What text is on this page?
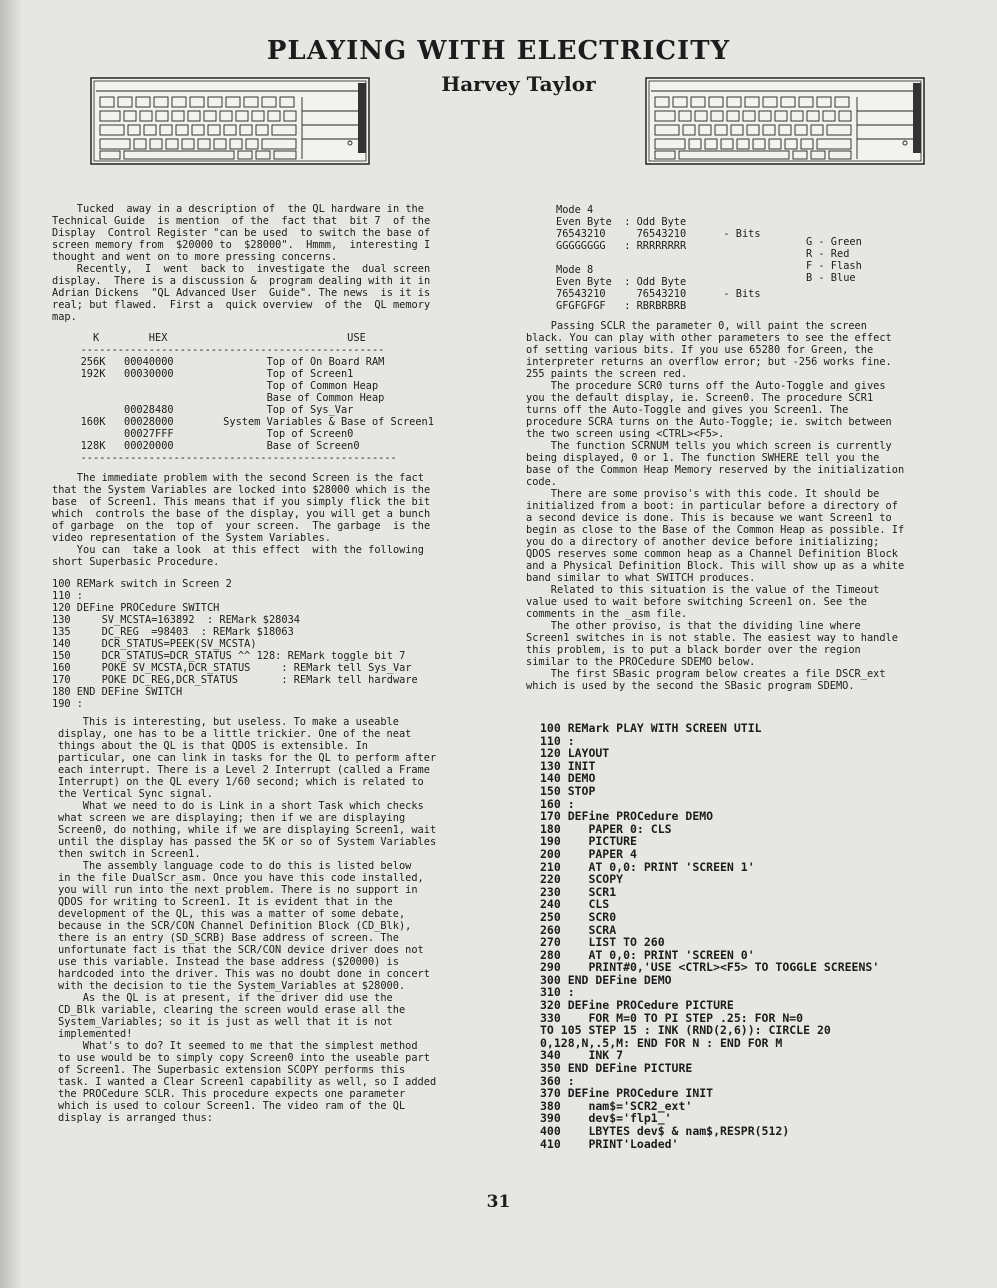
PLAYING WITH ELECTRICITY
Harvey Taylor
Tucked  away in a description of  the QL hardware in the
Technical Guide  is mention  of the  fact that  bit 7  of the
Display  Control Register "can be used  to switch the base of
screen memory from  $20000 to  $28000".  Hmmm,  interesting I
thought and went on to more pressing concerns.
Recently,  I  went  back to  investigate the  dual screen
display.  There is a discussion &  program dealing with it in
Adrian Dickens  "QL Advanced User  Guide". The news  is it is
real; but flawed.  First a  quick overview  of the  QL memory
map.
K        HEX                             USE
-------------------------------------------------
256K   00040000               Top of On Board RAM
192K   00030000               Top of Screen1
Top of Common Heap
Base of Common Heap
00028480               Top of Sys_Var
160K   00028000        System Variables & Base of Screen1
00027FFF               Top of Screen0
128K   00020000               Base of Screen0
---------------------------------------------------
The immediate problem with the second Screen is the fact
that the System Variables are locked into $28000 which is the
base  of Screen1. This means that if you simply flick the bit
which  controls the base of the display, you will get a bunch
of garbage  on the  top of  your screen.  The garbage  is the
video representation of the System Variables.
You can  take a look  at this effect  with the following
short Superbasic Procedure.
100 REMark switch in Screen 2
110 :
120 DEFine PROCedure SWITCH
130     SV_MCSTA=163892  : REMark $28034
135     DC_REG  =98403  : REMark $18063
140     DCR_STATUS=PEEK(SV_MCSTA)
150     DCR_STATUS=DCR_STATUS ^^ 128: REMark toggle bit 7
160     POKE SV_MCSTA,DCR_STATUS     : REMark tell Sys_Var
170     POKE DC_REG,DCR_STATUS       : REMark tell hardware
180 END DEFine SWITCH
190 :
This is interesting, but useless. To make a useable
display, one has to be a little trickier. One of the neat
things about the QL is that QDOS is extensible. In
particular, one can link in tasks for the QL to perform after
each interrupt. There is a Level 2 Interrupt (called a Frame
Interrupt) on the QL every 1/60 second; which is related to
the Vertical Sync signal.
What we need to do is Link in a short Task which checks
what screen we are displaying; then if we are displaying
Screen0, do nothing, while if we are displaying Screen1, wait
until the display has passed the 5K or so of System Variables
then switch in Screen1.
The assembly language code to do this is listed below
in the file DualScr_asm. Once you have this code installed,
you will run into the next problem. There is no support in
QDOS for writing to Screen1. It is evident that in the
development of the QL, this was a matter of some debate,
because in the SCR/CON Channel Definition Block (CD_Blk),
there is an entry (SD_SCRB) Base address of screen. The
unfortunate fact is that the SCR/CON device driver does not
use this variable. Instead the base address ($20000) is
hardcoded into the driver. This was no doubt done in concert
with the decision to tie the System_Variables at $28000.
As the QL is at present, if the driver did use the
CD_Blk variable, clearing the screen would erase all the
System_Variables; so it is just as well that it is not
implemented!
What's to do? It seemed to me that the simplest method
to use would be to simply copy Screen0 into the useable part
of Screen1. The Superbasic extension SCOPY performs this
task. I wanted a Clear Screen1 capability as well, so I added
the PROCedure SCLR. This procedure expects one parameter
which is used to colour Screen1. The video ram of the QL
display is arranged thus:
Mode 4
Even Byte  : Odd Byte
76543210     76543210      - Bits
GGGGGGGG   : RRRRRRRR

Mode 8
Even Byte  : Odd Byte
76543210     76543210      - Bits
GFGFGFGF   : RBRBRBRB
G - Green
R - Red
F - Flash
B - Blue
Passing SCLR the parameter 0, will paint the screen
black. You can play with other parameters to see the effect
of setting various bits. If you use 65280 for Green, the
interpreter returns an overflow error; but -256 works fine.
255 paints the screen red.
The procedure SCR0 turns off the Auto-Toggle and gives
you the default display, ie. Screen0. The procedure SCR1
turns off the Auto-Toggle and gives you Screen1. The
procedure SCRA turns on the Auto-Toggle; ie. switch between
the two screen using <CTRL><F5>.
The function SCRNUM tells you which screen is currently
being displayed, 0 or 1. The function SWHERE tell you the
base of the Common Heap Memory reserved by the initialization
code.
There are some proviso's with this code. It should be
initialized from a boot: in particular before a directory of
a second device is done. This is because we want Screen1 to
begin as close to the Base of the Common Heap as possible. If
you do a directory of another device before initializing;
QDOS reserves some common heap as a Channel Definition Block
and a Physical Definition Block. This will show up as a white
band similar to what SWITCH produces.
Related to this situation is the value of the Timeout
value used to wait before switching Screen1 on. See the
comments in the _asm file.
The other proviso, is that the dividing line where
Screen1 switches in is not stable. The easiest way to handle
this problem, is to put a black border over the region
similar to the PROCedure SDEMO below.
The first SBasic program below creates a file DSCR_ext
which is used by the second the SBasic program SDEMO.
100 REMark PLAY WITH SCREEN UTIL
110 :
120 LAYOUT
130 INIT
140 DEMO
150 STOP
160 :
170 DEFine PROCedure DEMO
180    PAPER 0: CLS
190    PICTURE
200    PAPER 4
210    AT 0,0: PRINT 'SCREEN 1'
220    SCOPY
230    SCR1
240    CLS
250    SCR0
260    SCRA
270    LIST TO 260
280    AT 0,0: PRINT 'SCREEN 0'
290    PRINT#0,'USE <CTRL><F5> TO TOGGLE SCREENS'
300 END DEFine DEMO
310 :
320 DEFine PROCedure PICTURE
330    FOR M=0 TO PI STEP .25: FOR N=0
TO 105 STEP 15 : INK (RND(2,6)): CIRCLE 20
0,128,N,.5,M: END FOR N : END FOR M
340    INK 7
350 END DEFine PICTURE
360 :
370 DEFine PROCedure INIT
380    nam$='SCR2_ext'
390    dev$='flp1_'
400    LBYTES dev$ & nam$,RESPR(512)
410    PRINT'Loaded'
31
